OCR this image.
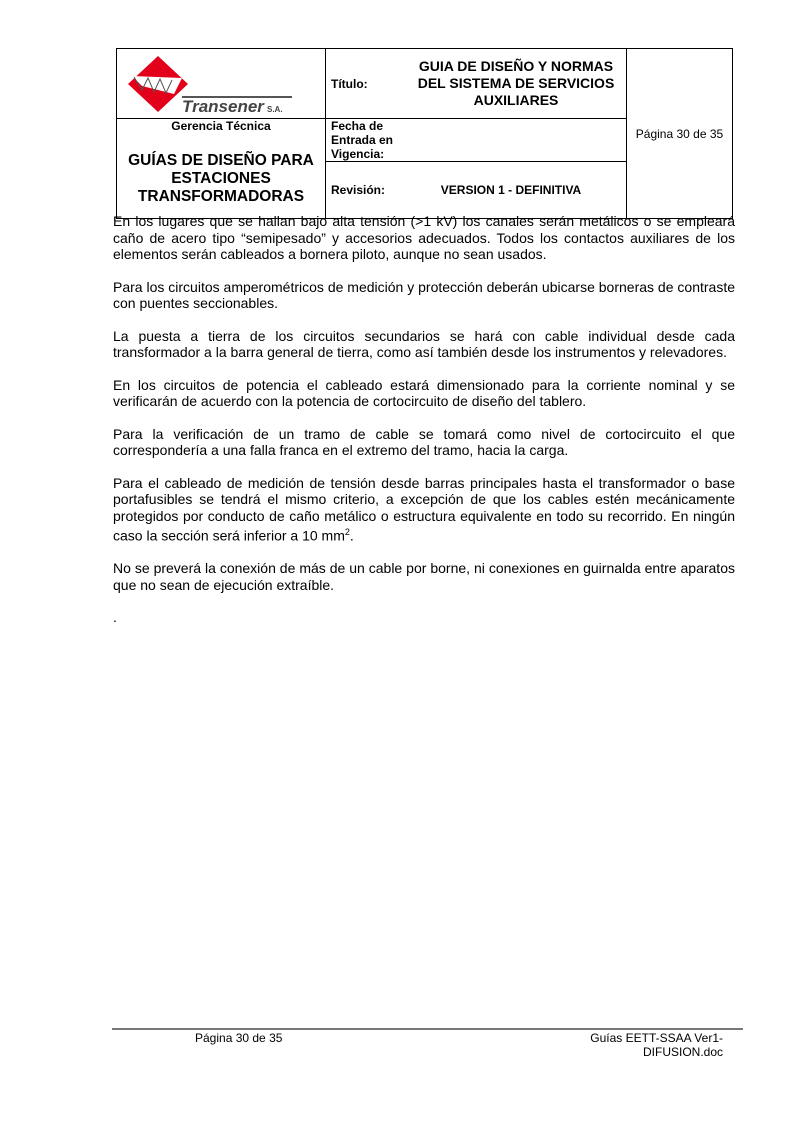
Transener S.A.	Título:GUIA DE DISEÑO Y NORMAS DEL SISTEMA DE SERVICIOS AUXILIARES	Página 30 de 35
Gerencia Técnica	Fecha de Entrada en Vigencia:	

GUÍAS DE DISEÑO PARA ESTACIONES TRANSFORMADORAS		
	Revisión: VERSION 1 - DEFINITIVA	

En los lugares que se hallan bajo alta tensión (>1 kV) los canales serán metálicos o se empleará caño de acero tipo “semipesado” y accesorios adecuados. Todos los contactos auxiliares de los elementos serán cableados a bornera piloto, aunque no sean usados.

Para los circuitos amperométricos de medición y protección deberán ubicarse borneras de contraste con puentes seccionables.

La puesta a tierra de los circuitos secundarios se hará con cable individual desde cada transformador a la barra general de tierra, como así también desde los instrumentos y relevadores.

En los circuitos de potencia el cableado estará dimensionado para la corriente nominal y se verificarán de acuerdo con la potencia de cortocircuito de diseño del tablero.

Para la verificación de un tramo de cable se tomará como nivel de cortocircuito el que correspondería a una falla franca en el extremo del tramo, hacia la carga.

Para el cableado de medición de tensión desde barras principales hasta el transformador o base portafusibles se tendrá el mismo criterio, a excepción de que los cables estén mecánicamente protegidos por conducto de caño metálico o estructura equivalente en todo su recorrido. En ningún caso la sección será inferior a 10 $mm^2$.

No se preverá la conexión de más de un cable por borne, ni conexiones en guirnalda entre aparatos que no sean de ejecución extraíble.

.

Página 30 de 35	Guías EETT-SSAA Ver1-DIFUSION.doc
